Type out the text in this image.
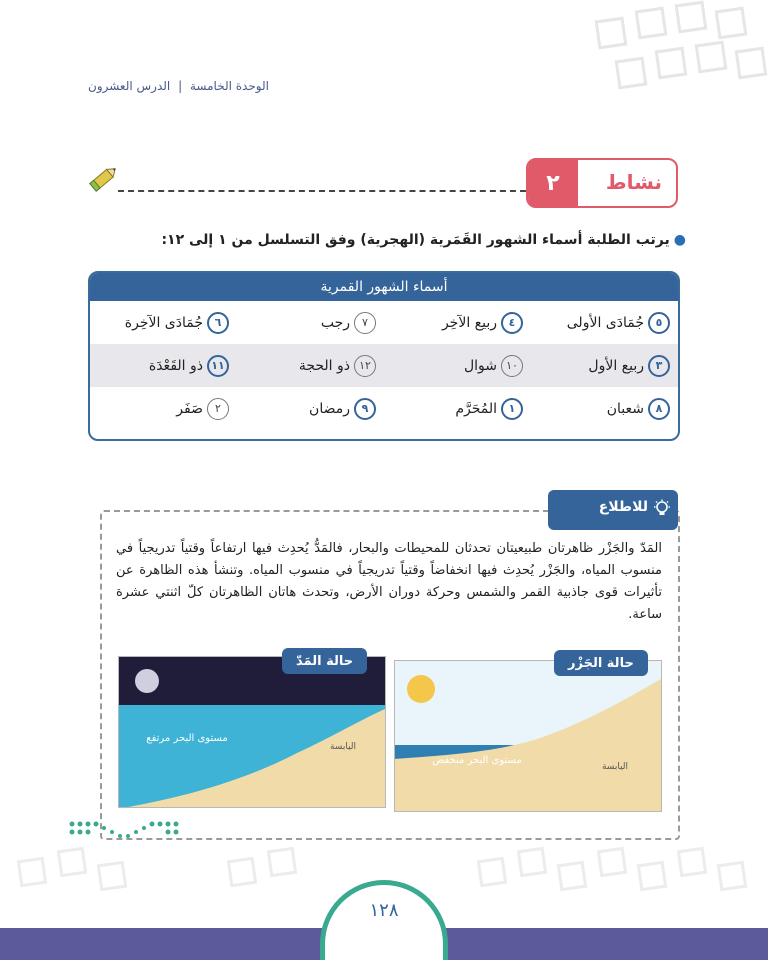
الوحدة الخامسة | الدرس العشرون
٢	نشاط
●يرتب الطلبة أسماء الشهور القَمَرية (الهجرية) وفق التسلسل من ١ إلى ١٢:
أسماء الشهور القمرية
٥
جُمَادَى الأولى
٤
ربيع الآخِر
٧
رجب
٦
جُمَادَى الآخِرة
٣
ربيع الأول
١٠
شوال
١٢
ذو الحجة
١١
ذو القَعْدَة
٨
شعبان
١
المُحَرَّم
٩
رمضان
٢
صَفَر
للاطلاع
المَدّ والجَزْر ظاهرتان طبيعيتان تحدثان للمحيطات والبحار، فالمَدُّ يُحدِث فيها ارتفاعاً وقتياً تدريجياً في منسوب المياه، والجَزْر يُحدِث فيها انخفاضاً وقتياً تدريجياً في منسوب المياه. وتنشأ هذه الظاهرة عن تأثيرات قوى جاذبية القمر والشمس وحركة دوران الأرض، وتحدث هاتان الظاهرتان كلّ اثنتي عشرة ساعة.
مستوى البحر منخفض
اليابسة
حالة الجَزْر
مستوى البحر مرتفع
اليابسة
حالة المَدّ
١٢٨
